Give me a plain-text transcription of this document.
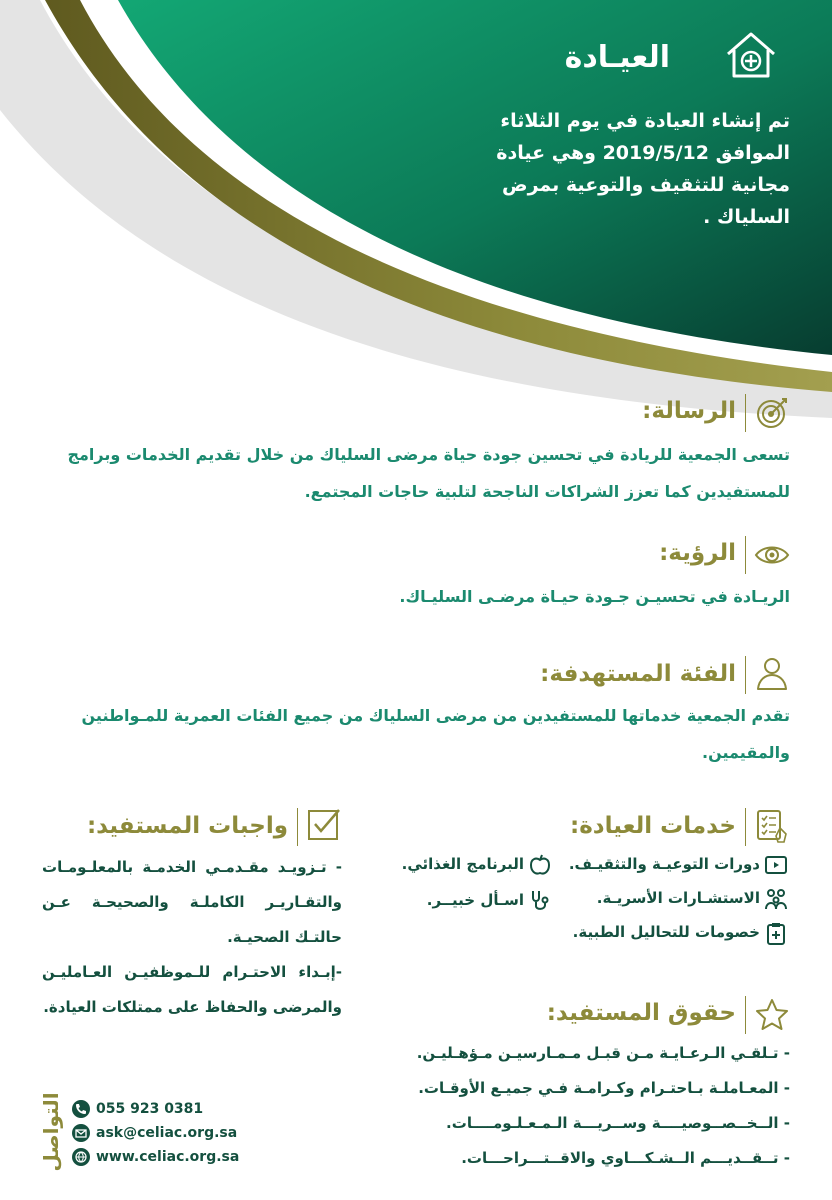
العيـادة
تم إنشاء العيادة في يوم الثلاثاء الموافق 2019/5/12 وهي عيادة مجانية للتثقيف والتوعية بمرض السلياك .
الرسالة:
تسعى الجمعية للريادة في تحسين جودة حياة مرضى السلياك من خلال تقديم الخدمات وبرامج للمستفيدين كما تعزز الشراكات الناجحة لتلبية حاجات المجتمع.
الرؤية:
الريـادة في تحسيـن جـودة حيـاة مرضـى السليـاك.
الفئة المستهدفة:
تقدم الجمعية خدماتها للمستفيدين من مرضى السلياك من جميع الفئات العمرية للمـواطنين والمقيمين.
خدمات العيادة:
دورات التوعيـة والتثقيـف.
الاستشـارات الأسريـة.
خصومات للتحاليل الطبية.
البرنامج الغذائي.
اسـأل خبيــر.
واجبات المستفيد:
- تـزويـد مقـدمـي الخدمـة بالمعلـومـات والتقـاريـر الكاملـة والصحيحـة عـن حالتـك الصحيـة.
-إبـداء الاحتـرام للـموظفيـن العـامليـن والمرضى والحفاظ على ممتلكات العيادة.	حقوق المستفيد:
- تـلقـي الـرعـايـة مـن قبـل مـمـارسيـن مـؤهـليـن.
- المعـاملـة بـاحتـرام وكـرامـة فـي جميـع الأوقـات.
- الــخــصــوصيــــة وســريـــة الـمـعـلـومــــات.
- تــقــديـــم الــشـكـــاوي والاقــتـــراحـــات.
التواصل	055 923 0381
ask@celiac.org.sa
www.celiac.org.sa
